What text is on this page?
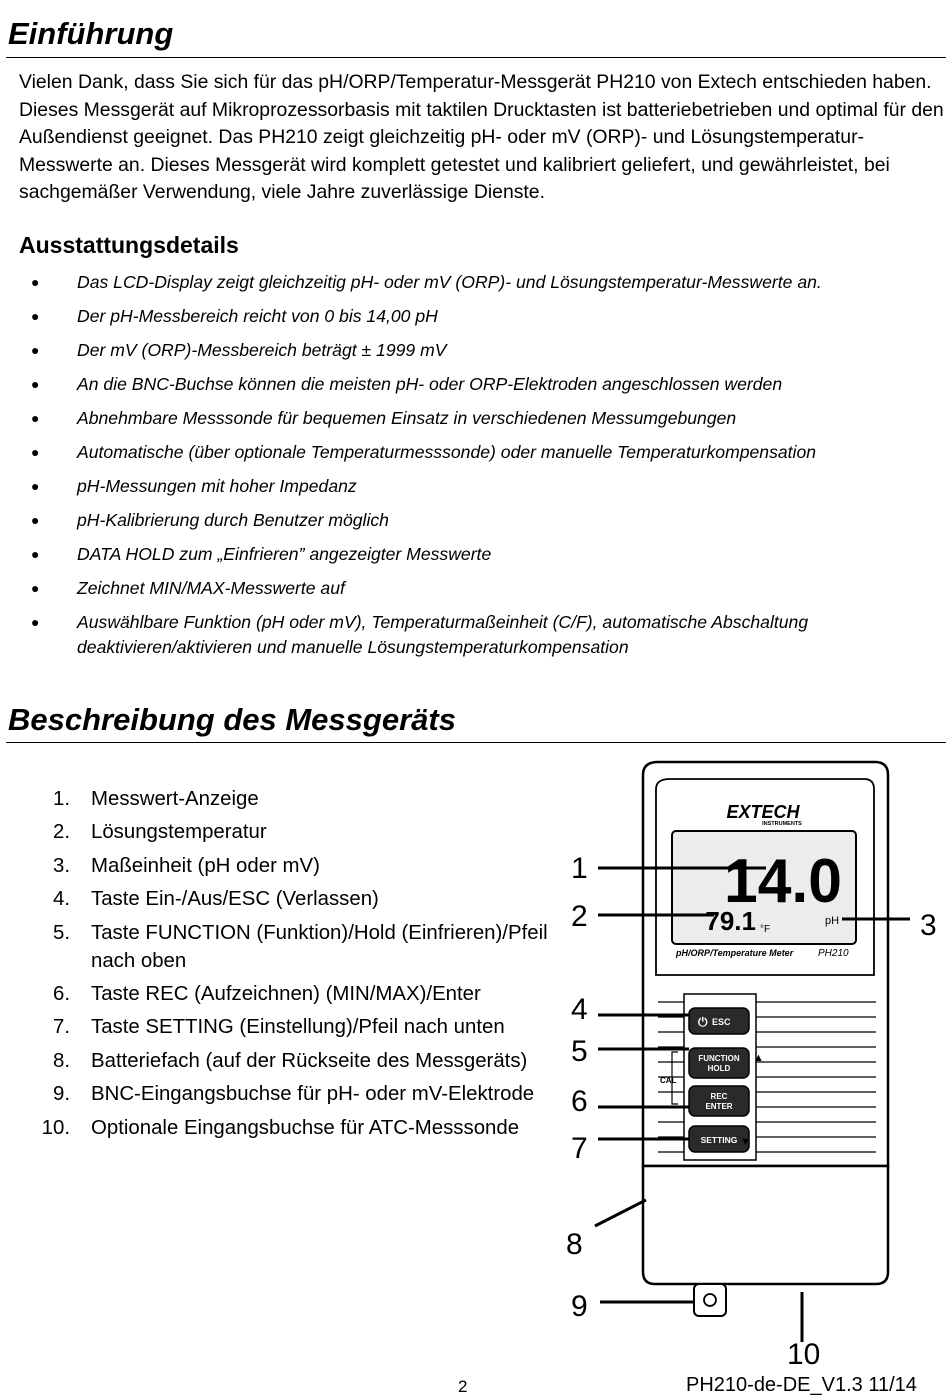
Einführung

Vielen Dank, dass Sie sich für das pH/ORP/Temperatur-Messgerät PH210 von Extech entschieden haben. Dieses Messgerät auf Mikroprozessorbasis mit taktilen Drucktasten ist batteriebetrieben und optimal für den Außendienst geeignet. Das PH210 zeigt gleichzeitig pH- oder mV (ORP)- und Lösungstemperatur-Messwerte an. Dieses Messgerät wird komplett getestet und kalibriert geliefert, und gewährleistet, bei sachgemäßer Verwendung, viele Jahre zuverlässige Dienste.

Ausstattungsdetails
● Das LCD-Display zeigt gleichzeitig pH- oder mV (ORP)- und Lösungstemperatur-Messwerte an.
● Der pH-Messbereich reicht von 0 bis 14,00 pH
● Der mV (ORP)-Messbereich beträgt ± 1999 mV
● An die BNC-Buchse können die meisten pH- oder ORP-Elektroden angeschlossen werden
● Abnehmbare Messsonde für bequemen Einsatz in verschiedenen Messumgebungen
● Automatische (über optionale Temperaturmesssonde) oder manuelle Temperaturkompensation
● pH-Messungen mit hoher Impedanz
● pH-Kalibrierung durch Benutzer möglich
● DATA HOLD zum „Einfrieren” angezeigter Messwerte
● Zeichnet MIN/MAX-Messwerte auf
● Auswählbare Funktion (pH oder mV), Temperaturmaßeinheit (C/F), automatische Abschaltung deaktivieren/aktivieren und manuelle Lösungstemperaturkompensation
Beschreibung des Messgeräts
1. Messwert-Anzeige
2. Lösungstemperatur
3. Maßeinheit (pH oder mV)
4. Taste Ein-/Aus/ESC (Verlassen)
5. Taste FUNCTION (Funktion)/Hold (Einfrieren)/Pfeil nach oben
6. Taste REC (Aufzeichnen) (MIN/MAX)/Enter
7. Taste SETTING (Einstellung)/Pfeil nach unten
8. Batteriefach (auf der Rückseite des Messgeräts)
9. BNC-Eingangsbuchse für pH- oder mV-Elektrode
10. Optionale Eingangsbuchse für ATC-Messsonde
EXTECH
INSTRUMENTS
14.0
79.1 °F
pH
pH/ORP/Temperature Meter PH210
⏻ ESC
FUNCTION
HOLD
▲
REC
ENTER
SETTING ▼
CAL
1
2	3
4
5
6
7
8
9
10
2	PH210-de-DE_V1.3 11/14
